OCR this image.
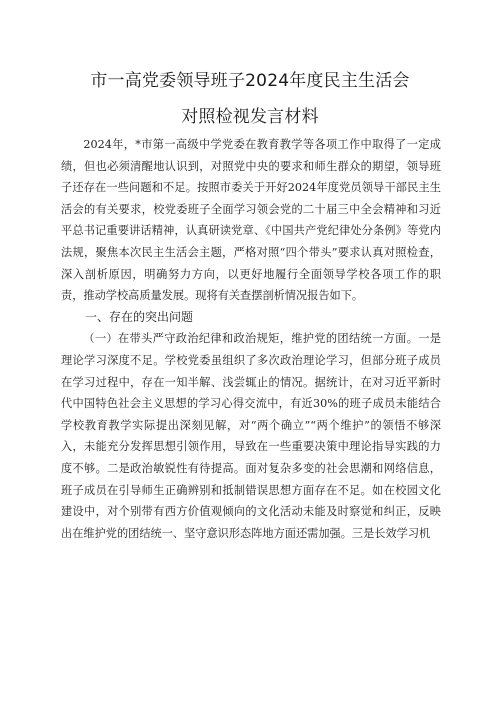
市一高党委领导班子2024年度民主生活会
对照检视发言材料

2024年，*市第一高级中学党委在教育教学等各项工作中取得了一定成绩，但也必须清醒地认识到，对照党中央的要求和师生群众的期望，领导班子还存在一些问题和不足。按照市委关于开好2024年度党员领导干部民主生活会的有关要求，校党委班子全面学习领会党的二十届三中全会精神和习近平总书记重要讲话精神，认真研读党章、《中国共产党纪律处分条例》等党内法规，聚焦本次民主生活会主题，严格对照“四个带头”要求认真对照检查，深入剖析原因，明确努力方向，以更好地履行全面领导学校各项工作的职责，推动学校高质量发展。现将有关查摆剖析情况报告如下。

一、存在的突出问题

（一）在带头严守政治纪律和政治规矩，维护党的团结统一方面。一是理论学习深度不足。学校党委虽组织了多次政治理论学习，但部分班子成员在学习过程中，存在一知半解、浅尝辄止的情况。据统计，在对习近平新时代中国特色社会主义思想的学习心得交流中，有近30%的班子成员未能结合学校教育教学实际提出深刻见解，对“两个确立”“两个维护”的领悟不够深入，未能充分发挥思想引领作用，导致在一些重要决策中理论指导实践的力度不够。二是政治敏锐性有待提高。面对复杂多变的社会思潮和网络信息，班子成员在引导师生正确辨别和抵制错误思想方面存在不足。如在校园文化建设中，对个别带有西方价值观倾向的文化活动未能及时察觉和纠正，反映出在维护党的团结统一、坚守意识形态阵地方面还需加强。三是长效学习机
